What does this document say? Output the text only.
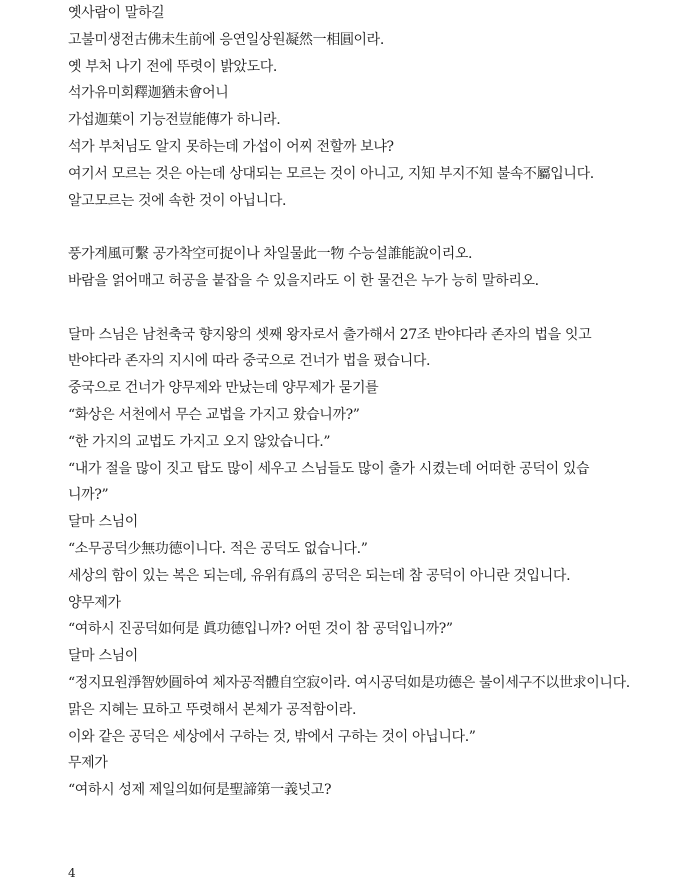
옛사람이 말하길
고불미생전古佛未生前에 응연일상원凝然一相圓이라.
옛 부처 나기 전에 뚜렷이 밝았도다.
석가유미회釋迦猶未會어니
가섭迦葉이 기능전豈能傳가 하니라.
석가 부처님도 알지 못하는데 가섭이 어찌 전할까 보냐?
여기서 모르는 것은 아는데 상대되는 모르는 것이 아니고, 지知 부지不知 불속不屬입니다.
알고모르는 것에 속한 것이 아닙니다.
풍가계風可繫 공가착空可捉이나 차일물此一物 수능설誰能說이리오.
바람을 얽어매고 허공을 붙잡을 수 있을지라도 이 한 물건은 누가 능히 말하리오.
달마 스님은 남천축국 향지왕의 셋째 왕자로서 출가해서 27조 반야다라 존자의 법을 잇고
반야다라 존자의 지시에 따라 중국으로 건너가 법을 폈습니다.
중국으로 건너가 양무제와 만났는데 양무제가 묻기를
“화상은 서천에서 무슨 교법을 가지고 왔습니까?”
“한 가지의 교법도 가지고 오지 않았습니다.”
“내가 절을 많이 짓고 탑도 많이 세우고 스님들도 많이 출가 시켰는데 어떠한 공덕이 있습
니까?”
달마 스님이
“소무공덕少無功德이니다. 적은 공덕도 없습니다.”
세상의 함이 있는 복은 되는데, 유위有爲의 공덕은 되는데 참 공덕이 아니란 것입니다.
양무제가
“여하시 진공덕如何是 眞功德입니까? 어떤 것이 참 공덕입니까?”
달마 스님이
“정지묘원淨智妙圓하여 체자공적體自空寂이라. 여시공덕如是功德은 불이세구不以世求이니다.
맑은 지혜는 묘하고 뚜렷해서 본체가 공적함이라.
이와 같은 공덕은 세상에서 구하는 것, 밖에서 구하는 것이 아닙니다.”
무제가
“여하시 성제 제일의如何是聖諦第一義넛고?
4
